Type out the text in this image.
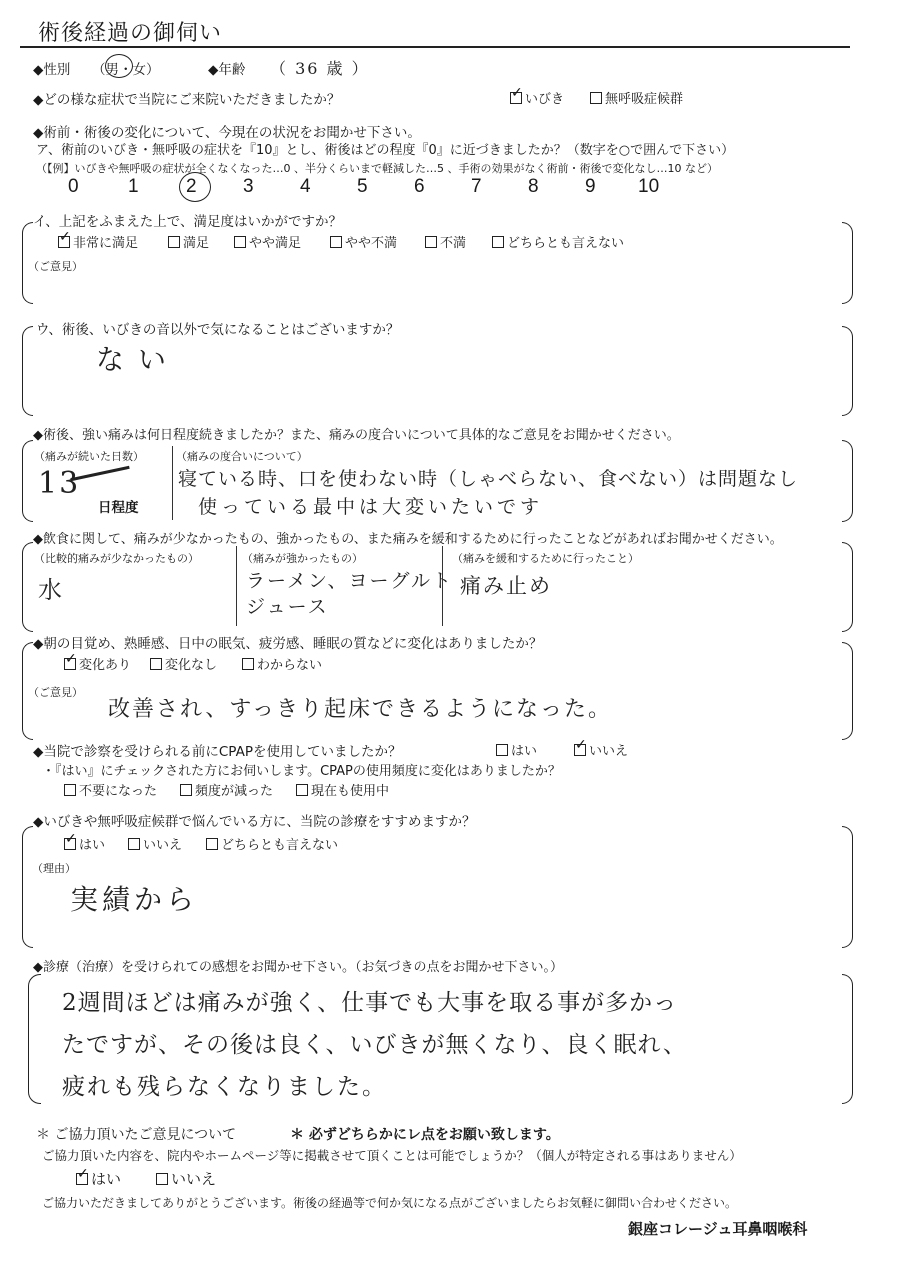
術後経過の御伺い
◆性別 （男・女）	◆年齢 （ 36 歳 ）
◆どの様な症状で当院にご来院いただきましたか？ ✓	いびき	無呼吸症候群
◆術前・術後の変化について、今現在の状況をお聞かせ下さい。
ア、術前のいびき・無呼吸の症状を『10』とし、術後はどの程度『0』に近づきましたか？（数字を○で囲んで下さい）
（【例】いびきや無呼吸の症状が全くなくなった…0 、半分くらいまで軽減した…5 、手術の効果がなく術前・術後で変化なし…10 など）
0	1 2 3 4 5 6 7 8 9 10
イ、上記をふまえた上で、満足度はいかがですか？
✓非常に満足	満足	やや満足	やや不満	不満	どちらとも言えない
（ご意見）
ウ、術後、いびきの音以外で気になることはございますか？
ない
◆術後、強い痛みは何日程度続きましたか？また、痛みの度合いについて具体的なご意見をお聞かせください。
（痛みが続いた日数）
13
日程度
（痛みの度合いについて）
寝ている時、口を使わない時（しゃべらない、食べない）は問題なし
使っている最中は大変いたいです
◆飲食に関して、痛みが少なかったもの、強かったもの、また痛みを緩和するために行ったことなどがあればお聞かせください。
（比較的痛みが少なかったもの）
水
（痛みが強かったもの）
ラーメン、ヨーグルト
ジュース
（痛みを緩和するために行ったこと）
痛み止め
◆朝の目覚め、熟睡感、日中の眠気、疲労感、睡眠の質などに変化はありましたか？
✓変化あり	変化なし	わからない
（ご意見）
改善され、すっきり起床できるようになった。
◆当院で診察を受けられる前にCPAPを使用していましたか？	はい ✓	いいえ
・『はい』にチェックされた方にお伺いします。CPAPの使用頻度に変化はありましたか？
不要になった	頻度が減った	現在も使用中
◆いびきや無呼吸症候群で悩んでいる方に、当院の診療をすすめますか？
✓はい	いいえ	どちらとも言えない
（理由）
実績から
◆診療（治療）を受けられての感想をお聞かせ下さい。（お気づきの点をお聞かせ下さい。）
2週間ほどは痛みが強く、仕事でも大事を取る事が多かっ
たですが、その後は良く、いびきが無くなり、良く眠れ、
疲れも残らなくなりました。
＊ ご協力頂いたご意見について	＊ 必ずどちらかにレ点をお願い致します。
ご協力頂いた内容を、院内やホームページ等に掲載させて頂くことは可能でしょうか？（個人が特定される事はありません）
✓はい	いいえ
ご協力いただきましてありがとうございます。術後の経過等で何か気になる点がございましたらお気軽に御問い合わせください。
銀座コレージュ耳鼻咽喉科
